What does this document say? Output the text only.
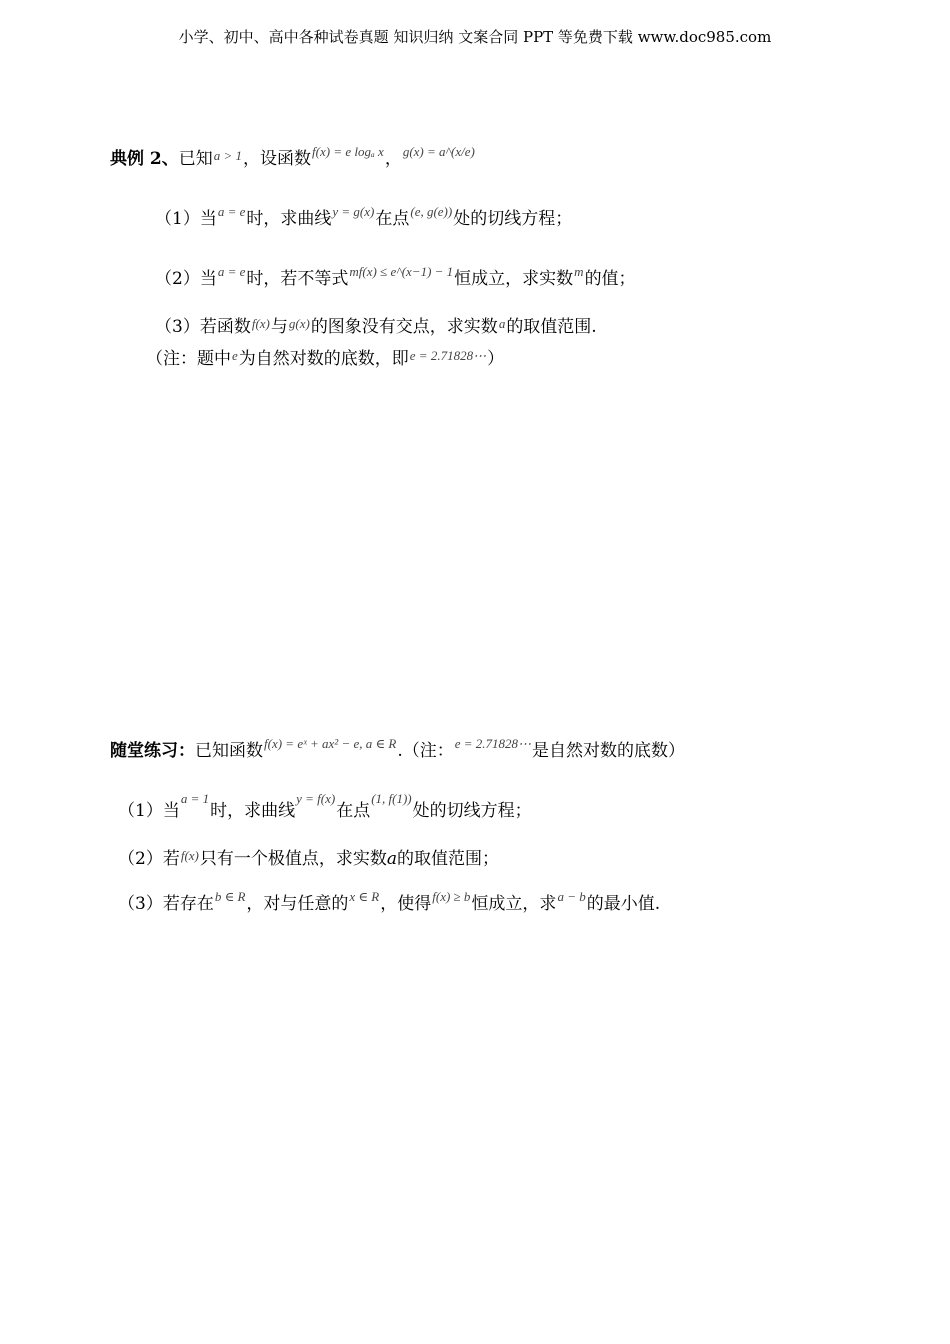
小学、初中、高中各种试卷真题 知识归纳 文案合同 PPT 等免费下载 www.doc985.com
典例 2、 已知 a > 1 ，设函数 f(x) = e logₐ x ， g(x) = a^(x/e)
（1）当 a = e 时，求曲线 y = g(x) 在点 (e, g(e)) 处的切线方程；
（2）当 a = e 时，若不等式 mf(x) ≤ e^(x−1) − 1 恒成立，求实数 m 的值；
（3）若函数 f(x) 与 g(x) 的图象没有交点，求实数 a 的取值范围.
（注：题中 e 为自然对数的底数，即 e = 2.71828⋯ ）
随堂练习： 已知函数 f(x) = eˣ + ax² − e, a ∈ R .（注： e = 2.71828⋯ 是自然对数的底数）
（1）当
a = 1
时，求曲线
y = f(x)
在点
(1, f(1))
处的切线方程；
（2）若 f(x) 只有一个极值点，求实数 a 的取值范围；
（3）若存在 b ∈ R ，对与任意的 x ∈ R ，使得 f(x) ≥ b 恒成立，求 a − b 的最小值.
